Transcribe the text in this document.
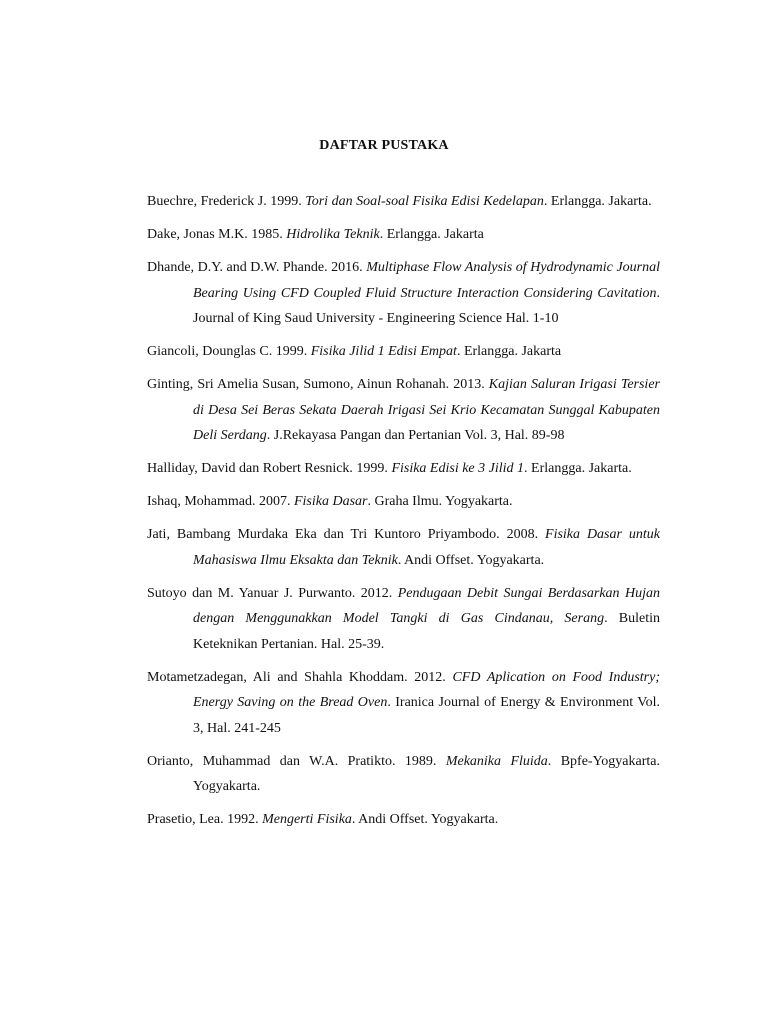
DAFTAR PUSTAKA

Buechre, Frederick J. 1999. Tori dan Soal-soal Fisika Edisi Kedelapan. Erlangga. Jakarta.

Dake, Jonas M.K. 1985. Hidrolika Teknik. Erlangga. Jakarta

Dhande, D.Y. and D.W. Phande. 2016. Multiphase Flow Analysis of Hydrodynamic Journal Bearing Using CFD Coupled Fluid Structure Interaction Considering Cavitation. Journal of King Saud University - Engineering Science Hal. 1-10

Giancoli, Dounglas C. 1999. Fisika Jilid 1 Edisi Empat. Erlangga. Jakarta

Ginting, Sri Amelia Susan, Sumono, Ainun Rohanah. 2013. Kajian Saluran Irigasi Tersier di Desa Sei Beras Sekata Daerah Irigasi Sei Krio Kecamatan Sunggal Kabupaten Deli Serdang. J.Rekayasa Pangan dan Pertanian Vol. 3, Hal. 89-98

Halliday, David dan Robert Resnick. 1999. Fisika Edisi ke 3 Jilid 1. Erlangga. Jakarta.

Ishaq, Mohammad. 2007. Fisika Dasar. Graha Ilmu. Yogyakarta.

Jati, Bambang Murdaka Eka dan Tri Kuntoro Priyambodo. 2008. Fisika Dasar untuk Mahasiswa Ilmu Eksakta dan Teknik. Andi Offset. Yogyakarta.

Sutoyo dan M. Yanuar J. Purwanto. 2012. Pendugaan Debit Sungai Berdasarkan Hujan dengan Menggunakkan Model Tangki di Gas Cindanau, Serang. Buletin Keteknikan Pertanian. Hal. 25-39.

Motametzadegan, Ali and Shahla Khoddam. 2012. CFD Aplication on Food Industry; Energy Saving on the Bread Oven. Iranica Journal of Energy & Environment Vol. 3, Hal. 241-245

Orianto, Muhammad dan W.A. Pratikto. 1989. Mekanika Fluida. Bpfe-Yogyakarta. Yogyakarta.

Prasetio, Lea. 1992. Mengerti Fisika. Andi Offset. Yogyakarta.
